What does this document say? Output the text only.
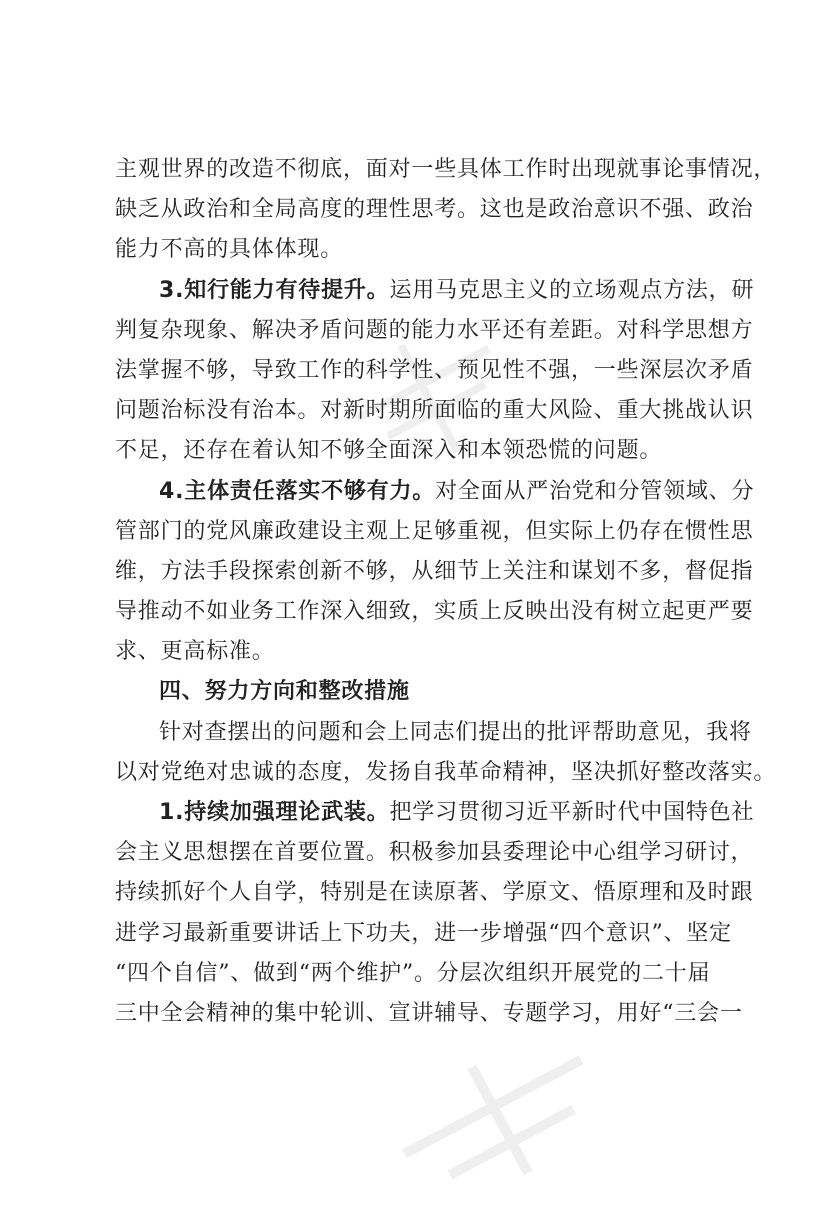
主观世界的改造不彻底，面对一些具体工作时出现就事论事情况，
缺乏从政治和全局高度的理性思考。这也是政治意识不强、政治
能力不高的具体体现。
3.知行能力有待提升。运用马克思主义的立场观点方法，研
判复杂现象、解决矛盾问题的能力水平还有差距。对科学思想方
法掌握不够，导致工作的科学性、预见性不强，一些深层次矛盾
问题治标没有治本。对新时期所面临的重大风险、重大挑战认识
不足，还存在着认知不够全面深入和本领恐慌的问题。
4.主体责任落实不够有力。对全面从严治党和分管领域、分
管部门的党风廉政建设主观上足够重视，但实际上仍存在惯性思
维，方法手段探索创新不够，从细节上关注和谋划不多，督促指
导推动不如业务工作深入细致，实质上反映出没有树立起更严要
求、更高标准。
四、努力方向和整改措施
针对查摆出的问题和会上同志们提出的批评帮助意见，我将
以对党绝对忠诚的态度，发扬自我革命精神，坚决抓好整改落实。
1.持续加强理论武装。把学习贯彻习近平新时代中国特色社
会主义思想摆在首要位置。积极参加县委理论中心组学习研讨，
持续抓好个人自学，特别是在读原著、学原文、悟原理和及时跟
进学习最新重要讲话上下功夫，进一步增强“四个意识”、坚定
“四个自信”、做到“两个维护”。分层次组织开展党的二十届
三中全会精神的集中轮训、宣讲辅导、专题学习，用好“三会一
